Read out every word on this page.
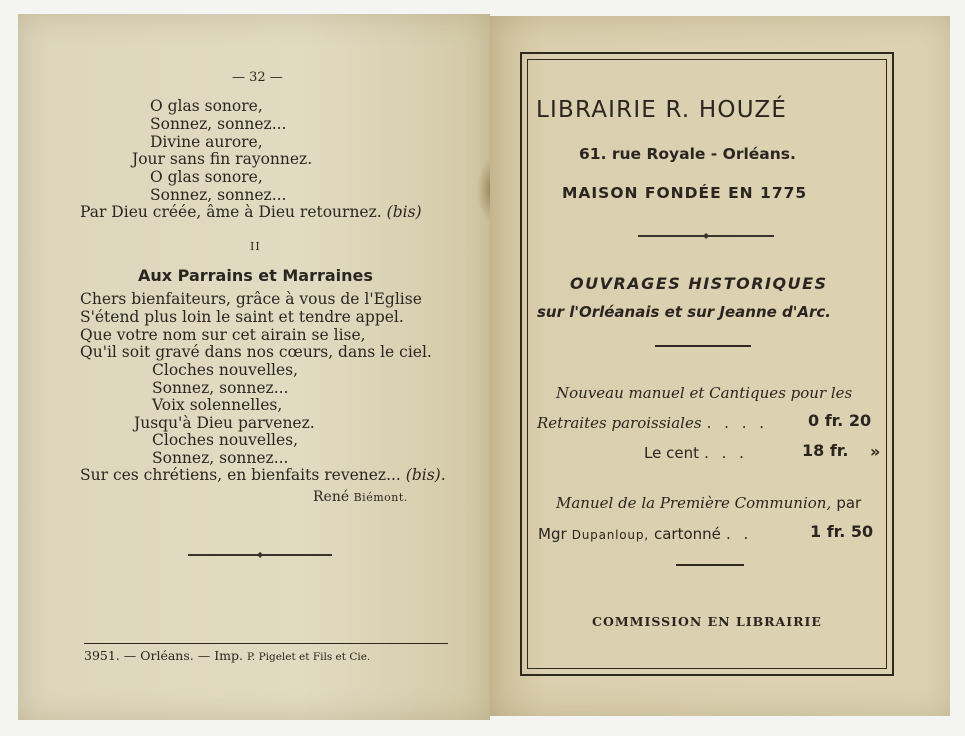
— 32 —
O glas sonore,
Sonnez, sonnez...
Divine aurore,
Jour sans fin rayonnez.
O glas sonore,
Sonnez, sonnez...
Par Dieu créée, âme à Dieu retournez. (bis)
II
Aux Parrains et Marraines
Chers bienfaiteurs, grâce à vous de l'Eglise
S'étend plus loin le saint et tendre appel.
Que votre nom sur cet airain se lise,
Qu'il soit gravé dans nos cœurs, dans le ciel.
Cloches nouvelles,
Sonnez, sonnez...
Voix solennelles,
Jusqu'à Dieu parvenez.
Cloches nouvelles,
Sonnez, sonnez...
Sur ces chrétiens, en bienfaits revenez... (bis).
René Biémont.
◆
3951. — Orléans. — Imp. P. Pigelet et Fils et Cie.
LIBRAIRIE R. HOUZÉ
61. rue Royale - Orléans.
MAISON FONDÉE EN 1775
◆
OUVRAGES HISTORIQUES
sur l'Orléanais et sur Jeanne d'Arc.
Nouveau manuel et Cantiques pour les
Retraites paroissiales . . . . 0 fr. 20
Le cent . . .	18 fr. »
Manuel de la Première Communion, par
Mgr Dupanloup, cartonné . .	1 fr. 50
COMMISSION EN LIBRAIRIE
